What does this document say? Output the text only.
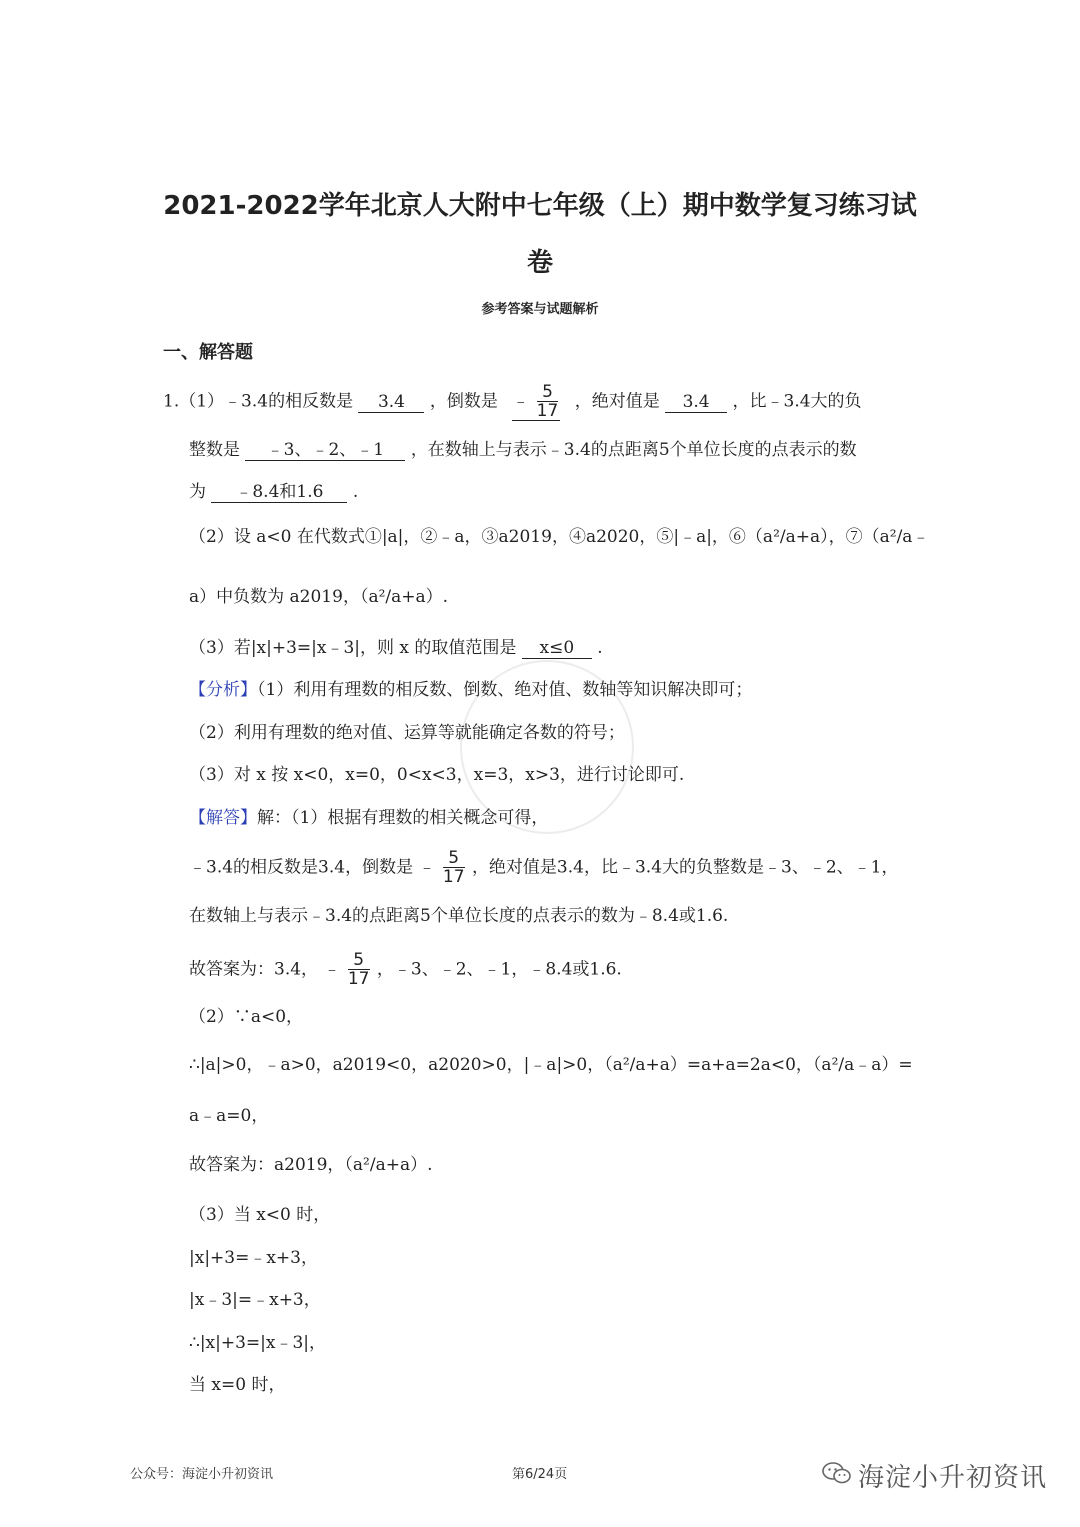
2021-2022学年北京人大附中七年级（上）期中数学复习练习试
卷
参考答案与试题解析
一、解答题
1.（1）﹣3.4的相反数是 3.4 ，倒数是 ﹣ $\frac{5}{17}$ ，绝对值是 3.4 ，比﹣3.4大的负
整数是 ﹣3、﹣2、﹣1 ，在数轴上与表示﹣3.4的点距离5个单位长度的点表示的数
为 ﹣8.4和1.6 .
（2）设 a<0 在代数式①|a|，②﹣a，③a2019，④a2020，⑤|﹣a|，⑥（a²/a+a），⑦（a²/a﹣
a）中负数为 a2019，（a²/a+a）.
（3）若|x|+3=|x﹣3|，则 x 的取值范围是 x≤0 .
【分析】（1）利用有理数的相反数、倒数、绝对值、数轴等知识解决即可；
（2）利用有理数的绝对值、运算等就能确定各数的符号；
（3）对 x 按 x<0，x=0，0<x<3，x=3，x>3，进行讨论即可.
【解答】解：（1）根据有理数的相关概念可得，
﹣3.4的相反数是3.4，倒数是 ﹣ $\frac{5}{17}$ ，绝对值是3.4，比﹣3.4大的负整数是﹣3、﹣2、﹣1，
在数轴上与表示﹣3.4的点距离5个单位长度的点表示的数为﹣8.4或1.6.
故答案为：3.4， ﹣ $\frac{5}{17}$ ，﹣3、﹣2、﹣1，﹣8.4或1.6.
（2）∵a<0，
∴|a|>0，﹣a>0，a2019<0，a2020>0，|﹣a|>0，（a²/a+a）=a+a=2a<0，（a²/a﹣a）=
a﹣a=0，
故答案为：a2019，（a²/a+a）.
（3）当 x<0 时，
|x|+3=﹣x+3，
|x﹣3|=﹣x+3，
∴|x|+3=|x﹣3|，
当 x=0 时，
公众号：海淀小升初资讯	第6/24页	海淀小升初资讯
